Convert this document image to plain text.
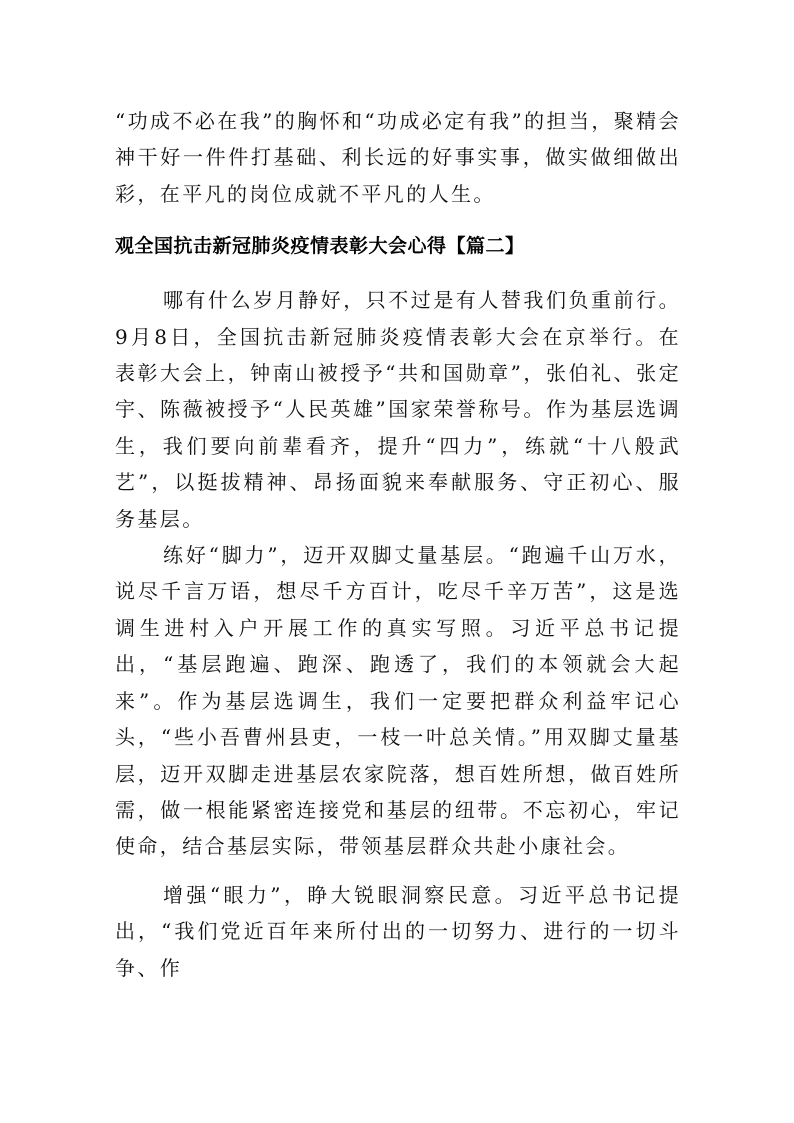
“功成不必在我”的胸怀和“功成必定有我”的担当，聚精会神干好一件件打基础、利长远的好事实事，做实做细做出彩，在平凡的岗位成就不平凡的人生。

观全国抗击新冠肺炎疫情表彰大会心得【篇二】

哪有什么岁月静好，只不过是有人替我们负重前行。9月8日，全国抗击新冠肺炎疫情表彰大会在京举行。在表彰大会上，钟南山被授予“共和国勋章”，张伯礼、张定宇、陈薇被授予“人民英雄”国家荣誉称号。作为基层选调生，我们要向前辈看齐，提升“四力”，练就“十八般武艺”，以挺拔精神、昂扬面貌来奉献服务、守正初心、服务基层。

练好“脚力”，迈开双脚丈量基层。“跑遍千山万水，说尽千言万语，想尽千方百计，吃尽千辛万苦”，这是选调生进村入户开展工作的真实写照。习近平总书记提出，“基层跑遍、跑深、跑透了，我们的本领就会大起来”。作为基层选调生，我们一定要把群众利益牢记心头，“些小吾曹州县吏，一枝一叶总关情。”用双脚丈量基层，迈开双脚走进基层农家院落，想百姓所想，做百姓所需，做一根能紧密连接党和基层的纽带。不忘初心，牢记使命，结合基层实际，带领基层群众共赴小康社会。

增强“眼力”，睁大锐眼洞察民意。习近平总书记提出，“我们党近百年来所付出的一切努力、进行的一切斗争、作
